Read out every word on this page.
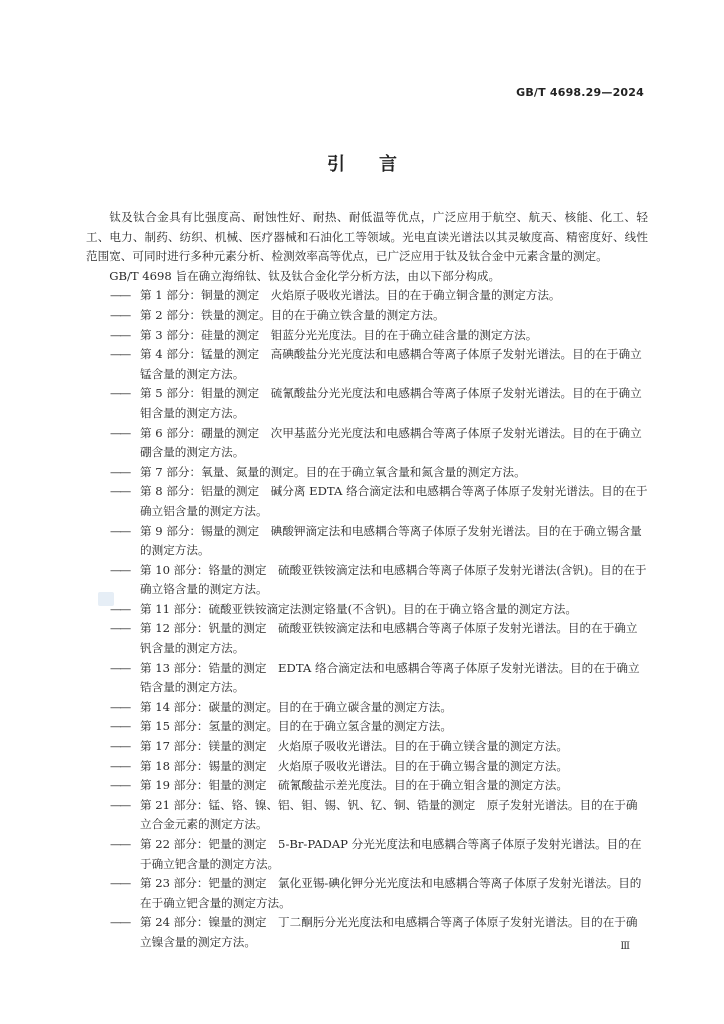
GB/T 4698.29—2024
引言

钛及钛合金具有比强度高、耐蚀性好、耐热、耐低温等优点，广泛应用于航空、航天、核能、化工、轻工、电力、制药、纺织、机械、医疗器械和石油化工等领域。光电直读光谱法以其灵敏度高、精密度好、线性范围宽、可同时进行多种元素分析、检测效率高等优点，已广泛应用于钛及钛合金中元素含量的测定。

GB/T 4698 旨在确立海绵钛、钛及钛合金化学分析方法，由以下部分构成。

—— 第 1 部分：铜量的测定　火焰原子吸收光谱法。目的在于确立铜含量的测定方法。
—— 第 2 部分：铁量的测定。目的在于确立铁含量的测定方法。
—— 第 3 部分：硅量的测定　钼蓝分光光度法。目的在于确立硅含量的测定方法。
—— 第 4 部分：锰量的测定　高碘酸盐分光光度法和电感耦合等离子体原子发射光谱法。目的在于确立锰含量的测定方法。
—— 第 5 部分：钼量的测定　硫氰酸盐分光光度法和电感耦合等离子体原子发射光谱法。目的在于确立钼含量的测定方法。
—— 第 6 部分：硼量的测定　次甲基蓝分光光度法和电感耦合等离子体原子发射光谱法。目的在于确立硼含量的测定方法。
—— 第 7 部分：氧量、氮量的测定。目的在于确立氧含量和氮含量的测定方法。
—— 第 8 部分：铝量的测定　碱分离 EDTA 络合滴定法和电感耦合等离子体原子发射光谱法。目的在于确立铝含量的测定方法。
—— 第 9 部分：锡量的测定　碘酸钾滴定法和电感耦合等离子体原子发射光谱法。目的在于确立锡含量的测定方法。
—— 第 10 部分：铬量的测定　硫酸亚铁铵滴定法和电感耦合等离子体原子发射光谱法(含钒)。目的在于确立铬含量的测定方法。
—— 第 11 部分：硫酸亚铁铵滴定法测定铬量(不含钒)。目的在于确立铬含量的测定方法。
—— 第 12 部分：钒量的测定　硫酸亚铁铵滴定法和电感耦合等离子体原子发射光谱法。目的在于确立钒含量的测定方法。
—— 第 13 部分：锆量的测定　EDTA 络合滴定法和电感耦合等离子体原子发射光谱法。目的在于确立锆含量的测定方法。
—— 第 14 部分：碳量的测定。目的在于确立碳含量的测定方法。
—— 第 15 部分：氢量的测定。目的在于确立氢含量的测定方法。
—— 第 17 部分：镁量的测定　火焰原子吸收光谱法。目的在于确立镁含量的测定方法。
—— 第 18 部分：锡量的测定　火焰原子吸收光谱法。目的在于确立锡含量的测定方法。
—— 第 19 部分：钼量的测定　硫氰酸盐示差光度法。目的在于确立钼含量的测定方法。
—— 第 21 部分：锰、铬、镍、铝、钼、锡、钒、钇、铜、锆量的测定　原子发射光谱法。目的在于确立合金元素的测定方法。
—— 第 22 部分：钯量的测定　5-Br-PADAP 分光光度法和电感耦合等离子体原子发射光谱法。目的在于确立钯含量的测定方法。
—— 第 23 部分：钯量的测定　氯化亚锡-碘化钾分光光度法和电感耦合等离子体原子发射光谱法。目的在于确立钯含量的测定方法。
—— 第 24 部分：镍量的测定　丁二酮肟分光光度法和电感耦合等离子体原子发射光谱法。目的在于确立镍含量的测定方法。	Ⅲ
